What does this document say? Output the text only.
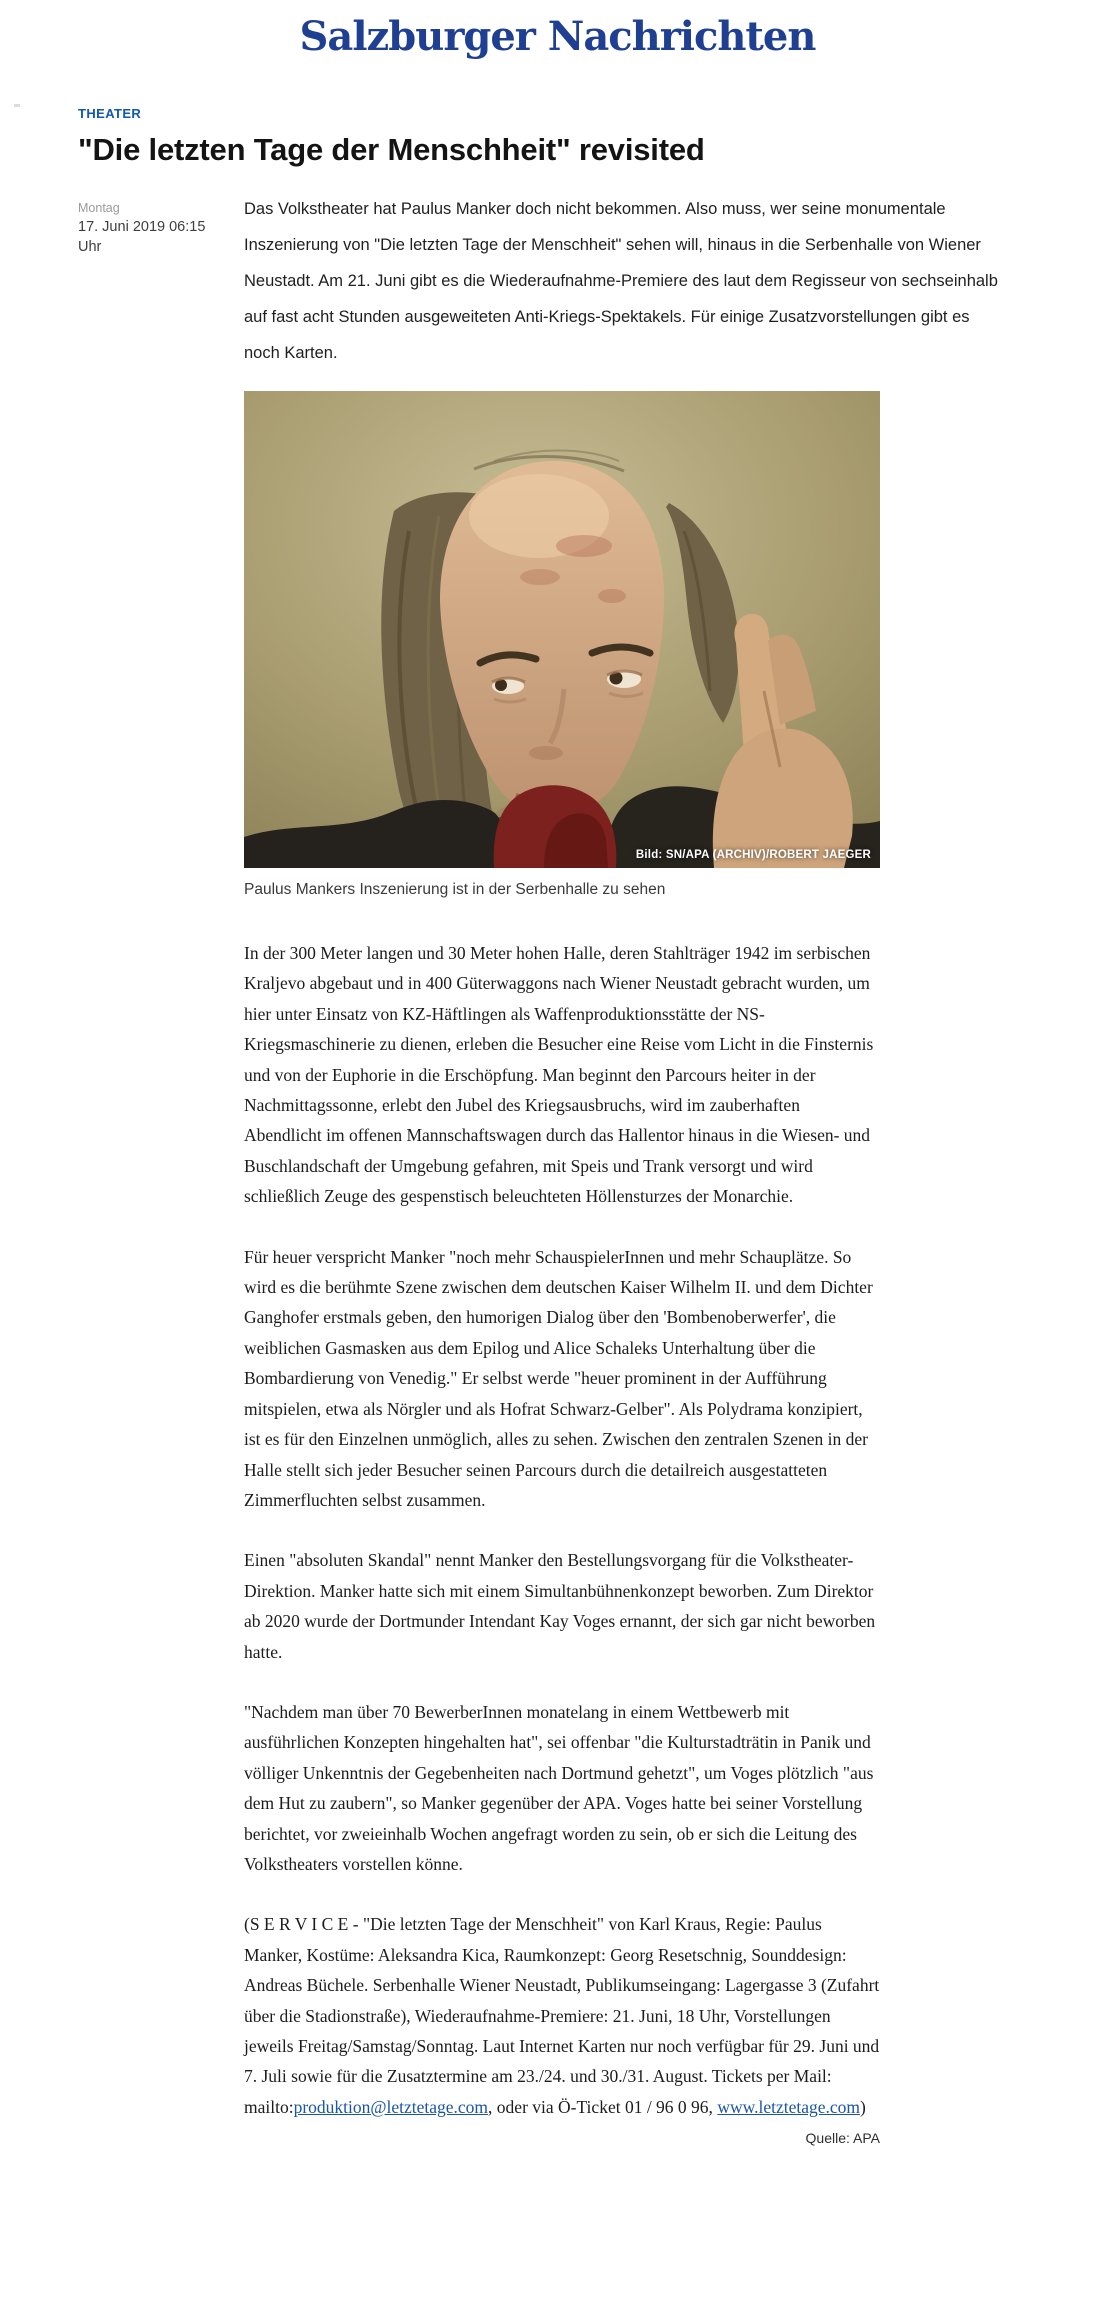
Salzburger Nachrichten
THEATER
"Die letzten Tage der Menschheit" revisited
Montag
17. Juni 2019 06:15
Uhr

Das Volkstheater hat Paulus Manker doch nicht bekommen. Also muss, wer seine monumentale Inszenierung von "Die letzten Tage der Menschheit" sehen will, hinaus in die Serbenhalle von Wiener Neustadt. Am 21. Juni gibt es die Wiederaufnahme-Premiere des laut dem Regisseur von sechseinhalb auf fast acht Stunden ausgeweiteten Anti-Kriegs-Spektakels. Für einige Zusatzvorstellungen gibt es noch Karten.

Bild: SN/APA (ARCHIV)/ROBERT JAEGER
Paulus Mankers Inszenierung ist in der Serbenhalle zu sehen

In der 300 Meter langen und 30 Meter hohen Halle, deren Stahlträger 1942 im serbischen Kraljevo abgebaut und in 400 Güterwaggons nach Wiener Neustadt gebracht wurden, um hier unter Einsatz von KZ-Häftlingen als Waffenproduktionsstätte der NS-Kriegsmaschinerie zu dienen, erleben die Besucher eine Reise vom Licht in die Finsternis und von der Euphorie in die Erschöpfung. Man beginnt den Parcours heiter in der Nachmittagssonne, erlebt den Jubel des Kriegsausbruchs, wird im zauberhaften Abendlicht im offenen Mannschaftswagen durch das Hallentor hinaus in die Wiesen- und Buschlandschaft der Umgebung gefahren, mit Speis und Trank versorgt und wird schließlich Zeuge des gespenstisch beleuchteten Höllensturzes der Monarchie.

Für heuer verspricht Manker "noch mehr SchauspielerInnen und mehr Schauplätze. So wird es die berühmte Szene zwischen dem deutschen Kaiser Wilhelm II. und dem Dichter Ganghofer erstmals geben, den humorigen Dialog über den 'Bombenoberwerfer', die weiblichen Gasmasken aus dem Epilog und Alice Schaleks Unterhaltung über die Bombardierung von Venedig." Er selbst werde "heuer prominent in der Aufführung mitspielen, etwa als Nörgler und als Hofrat Schwarz-Gelber". Als Polydrama konzipiert, ist es für den Einzelnen unmöglich, alles zu sehen. Zwischen den zentralen Szenen in der Halle stellt sich jeder Besucher seinen Parcours durch die detailreich ausgestatteten Zimmerfluchten selbst zusammen.

Einen "absoluten Skandal" nennt Manker den Bestellungsvorgang für die Volkstheater-Direktion. Manker hatte sich mit einem Simultanbühnenkonzept beworben. Zum Direktor ab 2020 wurde der Dortmunder Intendant Kay Voges ernannt, der sich gar nicht beworben hatte.

"Nachdem man über 70 BewerberInnen monatelang in einem Wettbewerb mit ausführlichen Konzepten hingehalten hat", sei offenbar "die Kulturstadträtin in Panik und völliger Unkenntnis der Gegebenheiten nach Dortmund gehetzt", um Voges plötzlich "aus dem Hut zu zaubern", so Manker gegenüber der APA. Voges hatte bei seiner Vorstellung berichtet, vor zweieinhalb Wochen angefragt worden zu sein, ob er sich die Leitung des Volkstheaters vorstellen könne.

(S E R V I C E - "Die letzten Tage der Menschheit" von Karl Kraus, Regie: Paulus Manker, Kostüme: Aleksandra Kica, Raumkonzept: Georg Resetschnig, Sounddesign: Andreas Büchele. Serbenhalle Wiener Neustadt, Publikumseingang: Lagergasse 3 (Zufahrt über die Stadionstraße), Wiederaufnahme-Premiere: 21. Juni, 18 Uhr, Vorstellungen jeweils Freitag/Samstag/Sonntag. Laut Internet Karten nur noch verfügbar für 29. Juni und 7. Juli sowie für die Zusatztermine am 23./24. und 30./31. August. Tickets per Mail: mailto:produktion@letztetage.com, oder via Ö-Ticket 01 / 96 0 96, www.letztetage.com)

Quelle: APA
